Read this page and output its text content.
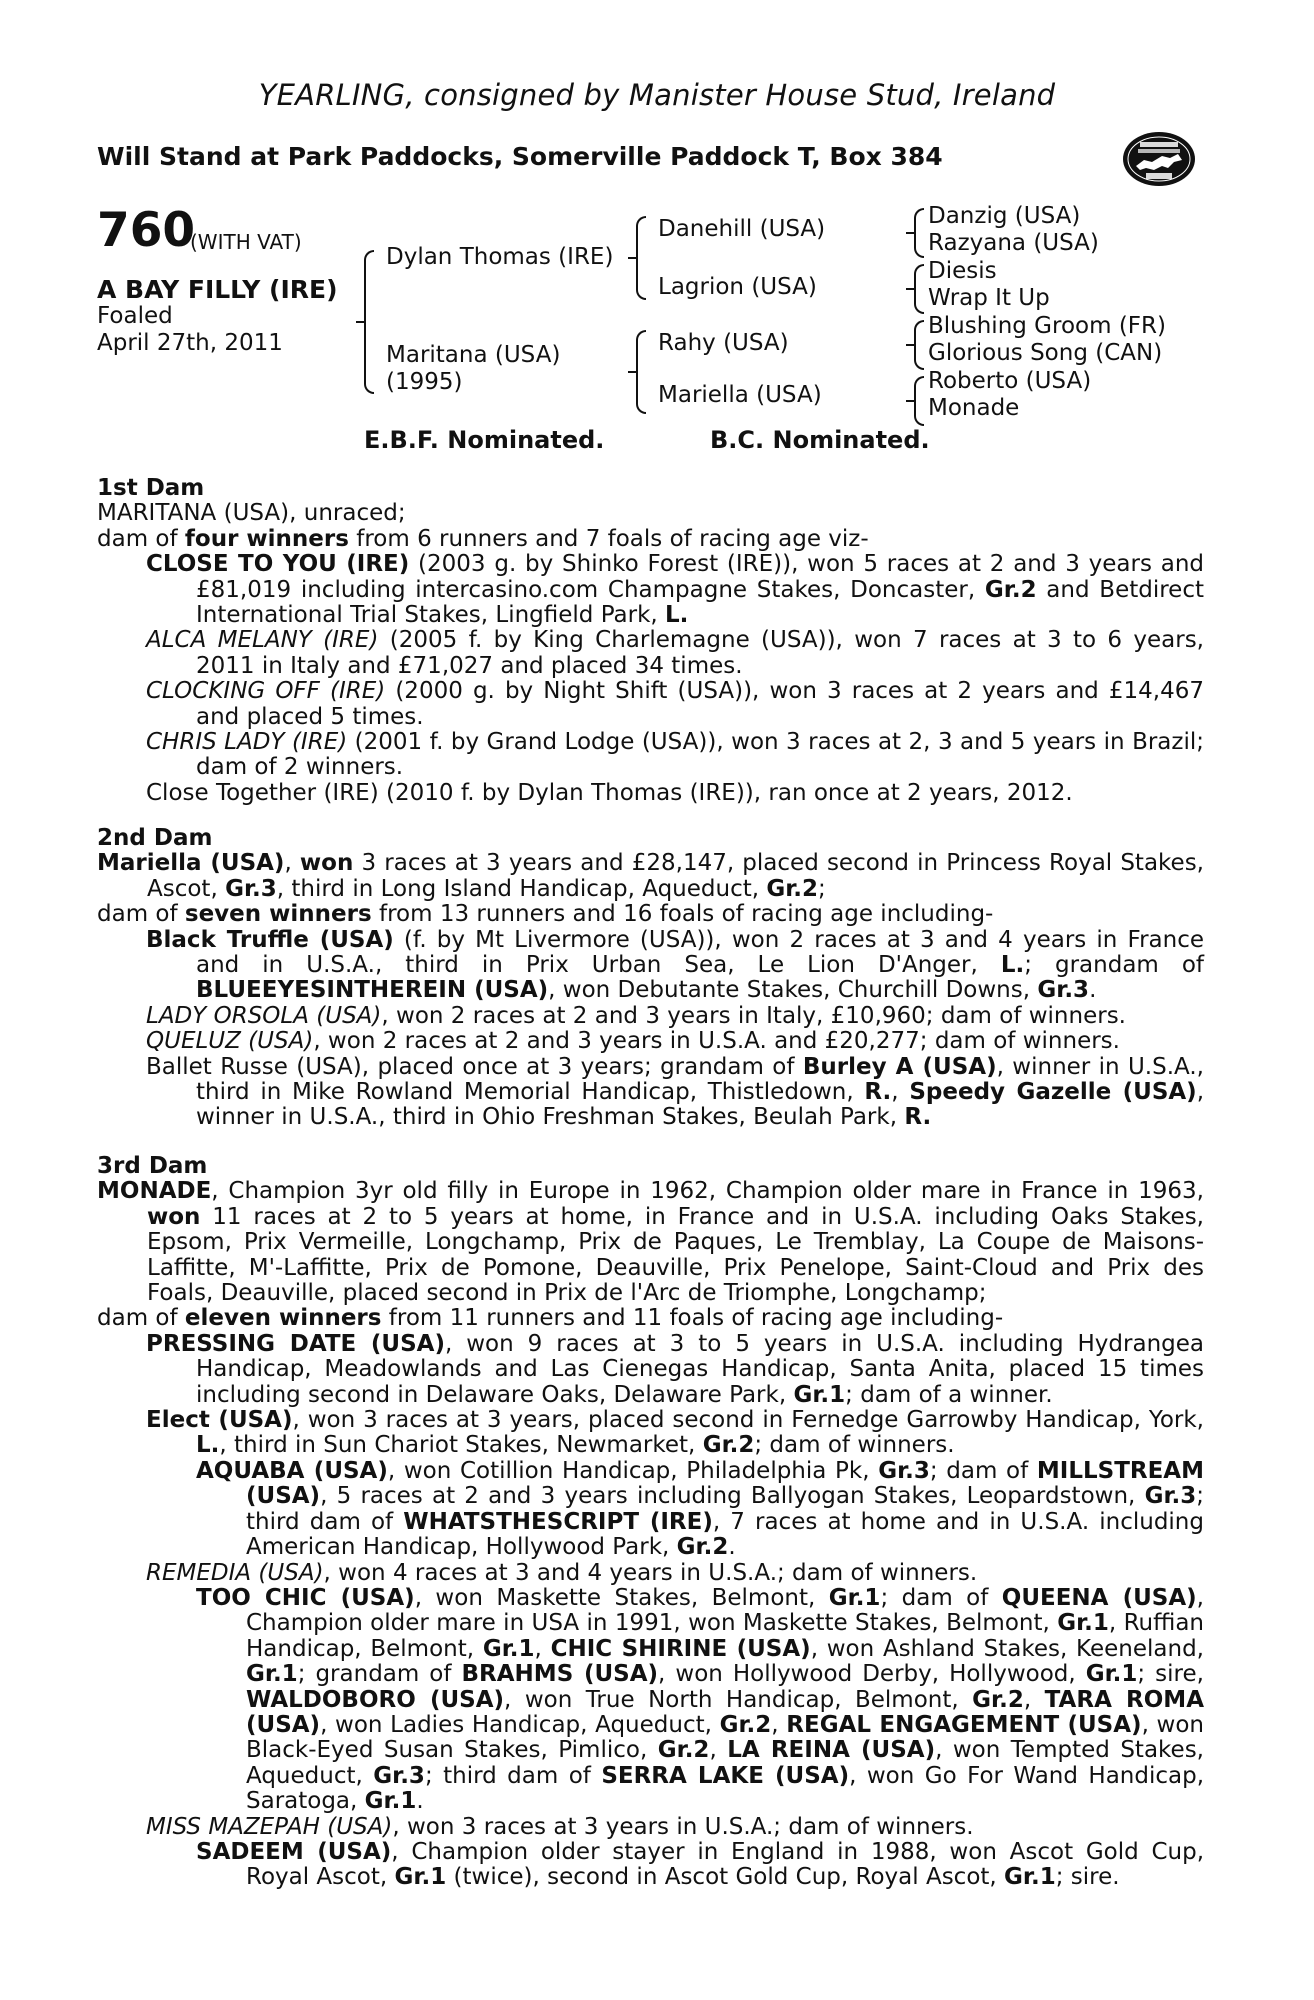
YEARLING, consigned by Manister House Stud, Ireland
Will Stand at Park Paddocks, Somerville Paddock T, Box 384
760
(WITH VAT)
A BAY FILLY (IRE)
Foaled
April 27th, 2011
Dylan Thomas (IRE)
Maritana (USA)
(1995)
Danehill (USA)
Lagrion (USA)
Rahy (USA)
Mariella (USA)
Danzig (USA)
Razyana (USA)
Diesis
Wrap It Up
Blushing Groom (FR)
Glorious Song (CAN)
Roberto (USA)
Monade
E.B.F. Nominated.	B.C. Nominated.

1st Dam

MARITANA (USA), unraced;

dam of four winners from 6 runners and 7 foals of racing age viz-

CLOSE TO YOU (IRE) (2003 g. by Shinko Forest (IRE)), won 5 races at 2 and 3 years and £81,019 including intercasino.com Champagne Stakes, Doncaster, Gr.2 and Betdirect International Trial Stakes, Lingfield Park, L.

ALCA MELANY (IRE) (2005 f. by King Charlemagne (USA)), won 7 races at 3 to 6 years, 2011 in Italy and £71,027 and placed 34 times.

CLOCKING OFF (IRE) (2000 g. by Night Shift (USA)), won 3 races at 2 years and £14,467 and placed 5 times.

CHRIS LADY (IRE) (2001 f. by Grand Lodge (USA)), won 3 races at 2, 3 and 5 years in Brazil; dam of 2 winners.

Close Together (IRE) (2010 f. by Dylan Thomas (IRE)), ran once at 2 years, 2012.

2nd Dam

Mariella (USA), won 3 races at 3 years and £28,147, placed second in Princess Royal Stakes, Ascot, Gr.3, third in Long Island Handicap, Aqueduct, Gr.2;

dam of seven winners from 13 runners and 16 foals of racing age including-

Black Truffle (USA) (f. by Mt Livermore (USA)), won 2 races at 3 and 4 years in France and in U.S.A., third in Prix Urban Sea, Le Lion D'Anger, L.; grandam of BLUEEYESINTHEREIN (USA), won Debutante Stakes, Churchill Downs, Gr.3.

LADY ORSOLA (USA), won 2 races at 2 and 3 years in Italy, £10,960; dam of winners.

QUELUZ (USA), won 2 races at 2 and 3 years in U.S.A. and £20,277; dam of winners.

Ballet Russe (USA), placed once at 3 years; grandam of Burley A (USA), winner in U.S.A., third in Mike Rowland Memorial Handicap, Thistledown, R., Speedy Gazelle (USA), winner in U.S.A., third in Ohio Freshman Stakes, Beulah Park, R.

3rd Dam

MONADE, Champion 3yr old filly in Europe in 1962, Champion older mare in France in 1963, won 11 races at 2 to 5 years at home, in France and in U.S.A. including Oaks Stakes, Epsom, Prix Vermeille, Longchamp, Prix de Paques, Le Tremblay, La Coupe de Maisons-Laffitte, M'-Laffitte, Prix de Pomone, Deauville, Prix Penelope, Saint-Cloud and Prix des Foals, Deauville, placed second in Prix de l'Arc de Triomphe, Longchamp;

dam of eleven winners from 11 runners and 11 foals of racing age including-

PRESSING DATE (USA), won 9 races at 3 to 5 years in U.S.A. including Hydrangea Handicap, Meadowlands and Las Cienegas Handicap, Santa Anita, placed 15 times including second in Delaware Oaks, Delaware Park, Gr.1; dam of a winner.

Elect (USA), won 3 races at 3 years, placed second in Fernedge Garrowby Handicap, York, L., third in Sun Chariot Stakes, Newmarket, Gr.2; dam of winners.

AQUABA (USA), won Cotillion Handicap, Philadelphia Pk, Gr.3; dam of MILLSTREAM (USA), 5 races at 2 and 3 years including Ballyogan Stakes, Leopardstown, Gr.3; third dam of WHATSTHESCRIPT (IRE), 7 races at home and in U.S.A. including American Handicap, Hollywood Park, Gr.2.

REMEDIA (USA), won 4 races at 3 and 4 years in U.S.A.; dam of winners.

TOO CHIC (USA), won Maskette Stakes, Belmont, Gr.1; dam of QUEENA (USA), Champion older mare in USA in 1991, won Maskette Stakes, Belmont, Gr.1, Ruffian Handicap, Belmont, Gr.1, CHIC SHIRINE (USA), won Ashland Stakes, Keeneland, Gr.1; grandam of BRAHMS (USA), won Hollywood Derby, Hollywood, Gr.1; sire, WALDOBORO (USA), won True North Handicap, Belmont, Gr.2, TARA ROMA (USA), won Ladies Handicap, Aqueduct, Gr.2, REGAL ENGAGEMENT (USA), won Black-Eyed Susan Stakes, Pimlico, Gr.2, LA REINA (USA), won Tempted Stakes, Aqueduct, Gr.3; third dam of SERRA LAKE (USA), won Go For Wand Handicap, Saratoga, Gr.1.

MISS MAZEPAH (USA), won 3 races at 3 years in U.S.A.; dam of winners.

SADEEM (USA), Champion older stayer in England in 1988, won Ascot Gold Cup, Royal Ascot, Gr.1 (twice), second in Ascot Gold Cup, Royal Ascot, Gr.1; sire.
